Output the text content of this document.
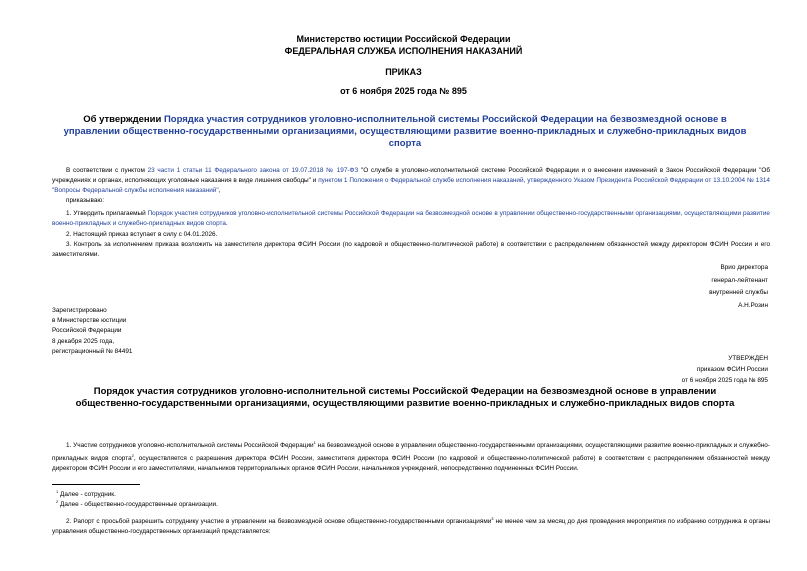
Министерство юстиции Российской Федерации
ФЕДЕРАЛЬНАЯ СЛУЖБА ИСПОЛНЕНИЯ НАКАЗАНИЙ
ПРИКАЗ
от 6 ноября 2025 года № 895
Об утверждении Порядка участия сотрудников уголовно-исполнительной системы Российской Федерации на безвозмездной основе в управлении общественно-государственными организациями, осуществляющими развитие военно-прикладных и служебно-прикладных видов спорта
В соответствии с пунктом 23 части 1 статьи 11 Федерального закона от 19.07.2018 № 197-ФЗ "О службе в уголовно-исполнительной системе Российской Федерации и о внесении изменений в Закон Российской Федерации "Об учреждениях и органах, исполняющих уголовные наказания в виде лишения свободы" и пунктом 1 Положения о Федеральной службе исполнения наказаний, утвержденного Указом Президента Российской Федерации от 13.10.2004 № 1314 "Вопросы Федеральной службы исполнения наказаний",
приказываю:
1. Утвердить прилагаемый Порядок участия сотрудников уголовно-исполнительной системы Российской Федерации на безвозмездной основе в управлении общественно-государственными организациями, осуществляющими развитие военно-прикладных и служебно-прикладных видов спорта.
2. Настоящий приказ вступает в силу с 04.01.2026.
3. Контроль за исполнением приказа возложить на заместителя директора ФСИН России (по кадровой и общественно-политической работе) в соответствии с распределением обязанностей между директором ФСИН России и его заместителями.
Врио директора
генерал-лейтенант
внутренней службы
А.Н.Розин
Зарегистрировано
в Министерстве юстиции
Российской Федерации
8 декабря 2025 года,
регистрационный № 84491
УТВЕРЖДЕН
приказом ФСИН России
от 6 ноября 2025 года № 895
Порядок участия сотрудников уголовно-исполнительной системы Российской Федерации на безвозмездной основе в управлении общественно-государственными организациями, осуществляющими развитие военно-прикладных и служебно-прикладных видов спорта
1. Участие сотрудников уголовно-исполнительной системы Российской Федерации$^1$ на безвозмездной основе в управлении общественно-государственными организациями, осуществляющими развитие военно-прикладных и служебно-прикладных видов спорта$^2$, осуществляется с разрешения директора ФСИН России, заместителя директора ФСИН России (по кадровой и общественно-политической работе) в соответствии с распределением обязанностей между директором ФСИН России и его заместителями, начальников территориальных органов ФСИН России, начальников учреждений, непосредственно подчиненных ФСИН России.
$^1$ Далее - сотрудник.
$^2$ Далее - общественно-государственные организации.
2. Рапорт с просьбой разрешить сотруднику участие в управлении на безвозмездной основе общественно-государственными организациями$^3$ не менее чем за месяц до дня проведения мероприятия по избранию сотрудника в органы управления общественно-государственных организаций представляется:
